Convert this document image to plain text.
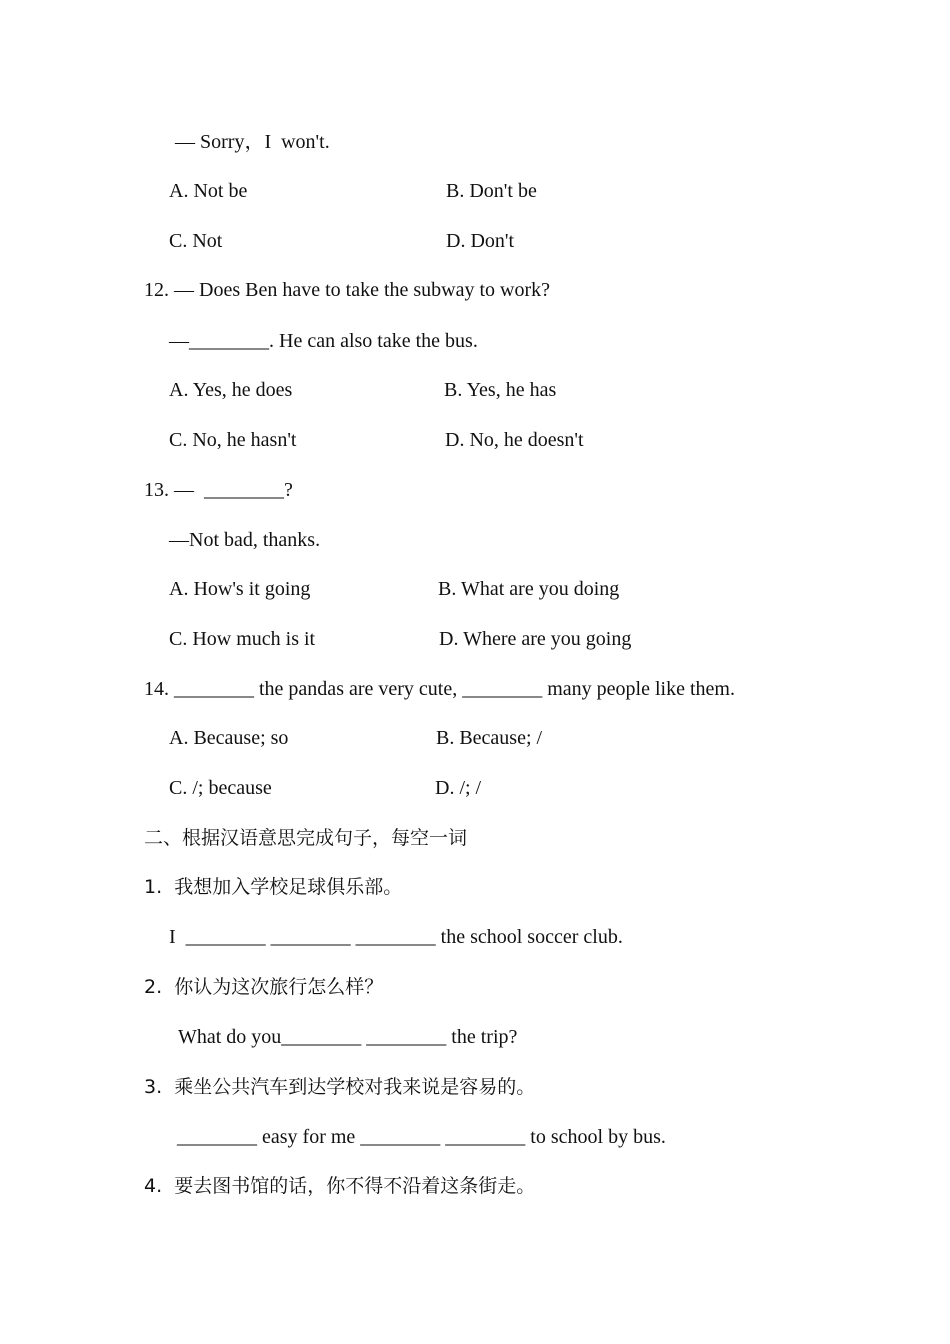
— Sorry，I  won't.
A. Not be	B. Don't be
C. Not	D. Don't
12. — Does Ben have to take the subway to work?
—________. He can also take the bus.
A. Yes, he does	B. Yes, he has
C. No, he hasn't	D. No, he doesn't
13. —  ________?
—Not bad, thanks.
A. How's it going	B. What are you doing
C. How much is it	D. Where are you going
14. ________ the pandas are very cute, ________ many people like them.
A. Because; so	B. Because; /
C. /; because	D. /; /
二、根据汉语意思完成句子，每空一词
1.  我想加入学校足球俱乐部。
I  ________ ________ ________ the school soccer club.
2.  你认为这次旅行怎么样？
What do you________ ________ the trip?
3.  乘坐公共汽车到达学校对我来说是容易的。
________ easy for me ________ ________ to school by bus.
4.  要去图书馆的话，你不得不沿着这条街走。
